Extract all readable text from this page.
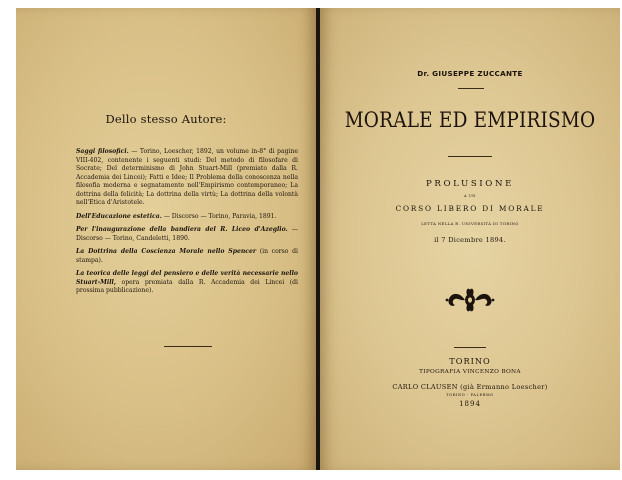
Dello stesso Autore:
Saggi filosofici. — Torino, Loescher, 1892, un volume in-8° di pagine VIII-402, contenente i seguenti studi: Del metodo di filosofare di Socrate; Del determinismo di John Stuart-Mill (premiato dalla R. Accademia dei Lincei); Fatti e Idee; Il Problema della conoscenza nella filosofia moderna e segnatamente nell'Empirismo contemporaneo; La dottrina della felicità; La dottrina della virtù; La dottrina della volontà nell'Etica d'Aristotele.
Dell'Educazione estetica. — Discorso — Torino, Paravia, 1891.
Per l'inaugurazione della bandiera del R. Liceo d'Azeglio. — Discorso — Torino, Candeletti, 1890.
La Dottrina della Coscienza Morale nello Spencer (in corso di stampa).
La teorica delle leggi del pensiero e delle verità necessarie nello Stuart-Mill, opera premiata dalla R. Accademia dei Lincei (di prossima pubblicazione).
Dr. GIUSEPPE ZUCCANTE
MORALE ED EMPIRISMO
PROLUSIONE
A UN
CORSO LIBERO DI MORALE
LETTA NELLA R. UNIVERSITÀ DI TORINO
il 7 Dicembre 1894.
TORINO
TIPOGRAFIA VINCENZO BONA
CARLO CLAUSEN (già Ermanno Loescher)
TORINO - PALERMO
1894
